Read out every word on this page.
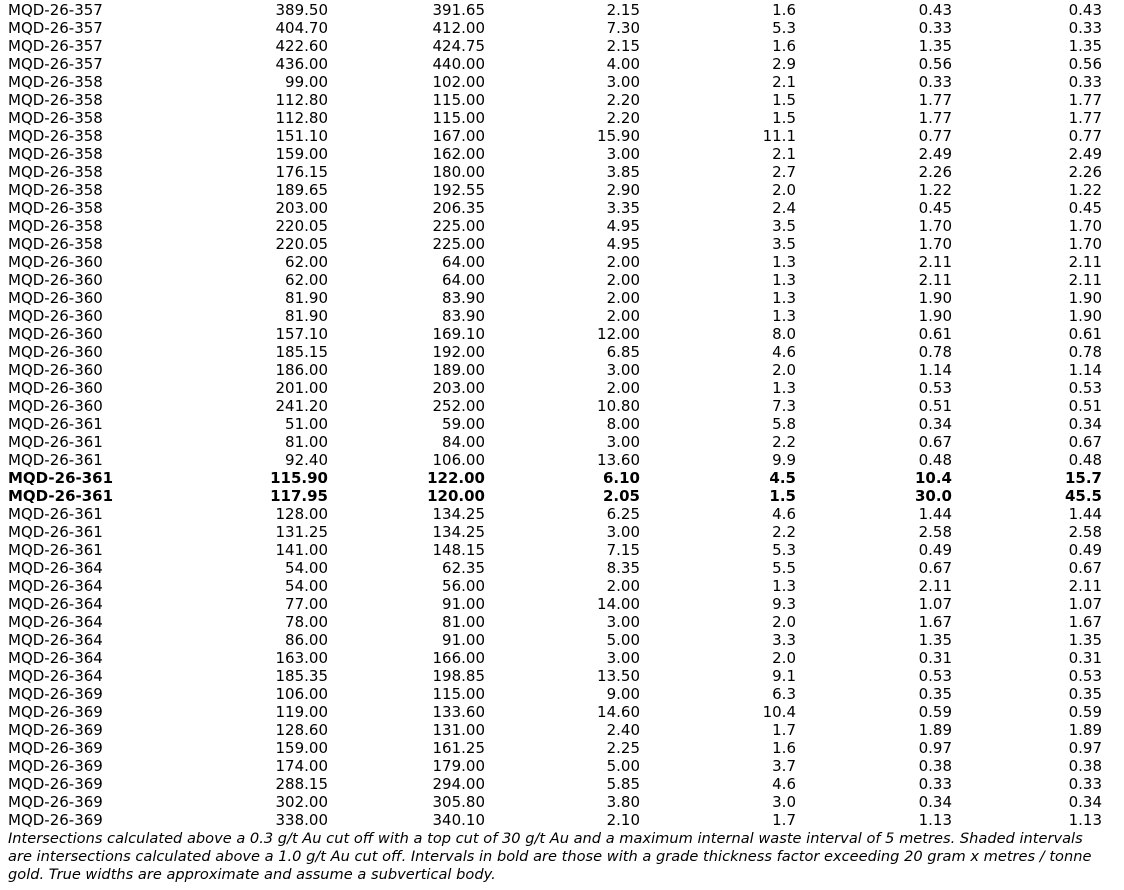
MQD-26-357	389.50	391.65	2.15	1.6	0.43	0.43
MQD-26-357	404.70	412.00	7.30	5.3	0.33	0.33
MQD-26-357	422.60	424.75	2.15	1.6	1.35	1.35
MQD-26-357	436.00	440.00	4.00	2.9	0.56	0.56
MQD-26-358	99.00	102.00	3.00	2.1	0.33	0.33
MQD-26-358	112.80	115.00	2.20	1.5	1.77	1.77
MQD-26-358	112.80	115.00	2.20	1.5	1.77	1.77
MQD-26-358	151.10	167.00	15.90	11.1	0.77	0.77
MQD-26-358	159.00	162.00	3.00	2.1	2.49	2.49
MQD-26-358	176.15	180.00	3.85	2.7	2.26	2.26
MQD-26-358	189.65	192.55	2.90	2.0	1.22	1.22
MQD-26-358	203.00	206.35	3.35	2.4	0.45	0.45
MQD-26-358	220.05	225.00	4.95	3.5	1.70	1.70
MQD-26-358	220.05	225.00	4.95	3.5	1.70	1.70
MQD-26-360	62.00	64.00	2.00	1.3	2.11	2.11
MQD-26-360	62.00	64.00	2.00	1.3	2.11	2.11
MQD-26-360	81.90	83.90	2.00	1.3	1.90	1.90
MQD-26-360	81.90	83.90	2.00	1.3	1.90	1.90
MQD-26-360	157.10	169.10	12.00	8.0	0.61	0.61
MQD-26-360	185.15	192.00	6.85	4.6	0.78	0.78
MQD-26-360	186.00	189.00	3.00	2.0	1.14	1.14
MQD-26-360	201.00	203.00	2.00	1.3	0.53	0.53
MQD-26-360	241.20	252.00	10.80	7.3	0.51	0.51
MQD-26-361	51.00	59.00	8.00	5.8	0.34	0.34
MQD-26-361	81.00	84.00	3.00	2.2	0.67	0.67
MQD-26-361	92.40	106.00	13.60	9.9	0.48	0.48
MQD-26-361	115.90	122.00	6.10	4.5	10.4	15.7
MQD-26-361	117.95	120.00	2.05	1.5	30.0	45.5
MQD-26-361	128.00	134.25	6.25	4.6	1.44	1.44
MQD-26-361	131.25	134.25	3.00	2.2	2.58	2.58
MQD-26-361	141.00	148.15	7.15	5.3	0.49	0.49
MQD-26-364	54.00	62.35	8.35	5.5	0.67	0.67
MQD-26-364	54.00	56.00	2.00	1.3	2.11	2.11
MQD-26-364	77.00	91.00	14.00	9.3	1.07	1.07
MQD-26-364	78.00	81.00	3.00	2.0	1.67	1.67
MQD-26-364	86.00	91.00	5.00	3.3	1.35	1.35
MQD-26-364	163.00	166.00	3.00	2.0	0.31	0.31
MQD-26-364	185.35	198.85	13.50	9.1	0.53	0.53
MQD-26-369	106.00	115.00	9.00	6.3	0.35	0.35
MQD-26-369	119.00	133.60	14.60	10.4	0.59	0.59
MQD-26-369	128.60	131.00	2.40	1.7	1.89	1.89
MQD-26-369	159.00	161.25	2.25	1.6	0.97	0.97
MQD-26-369	174.00	179.00	5.00	3.7	0.38	0.38
MQD-26-369	288.15	294.00	5.85	4.6	0.33	0.33
MQD-26-369	302.00	305.80	3.80	3.0	0.34	0.34
MQD-26-369	338.00	340.10	2.10	1.7	1.13	1.13
Intersections calculated above a 0.3 g/t Au cut off with a top cut of 30 g/t Au and a maximum internal waste interval of 5 metres. Shaded intervals are intersections calculated above a 1.0 g/t Au cut off. Intervals in bold are those with a grade thickness factor exceeding 20 gram x metres / tonne gold. True widths are approximate and assume a subvertical body.
